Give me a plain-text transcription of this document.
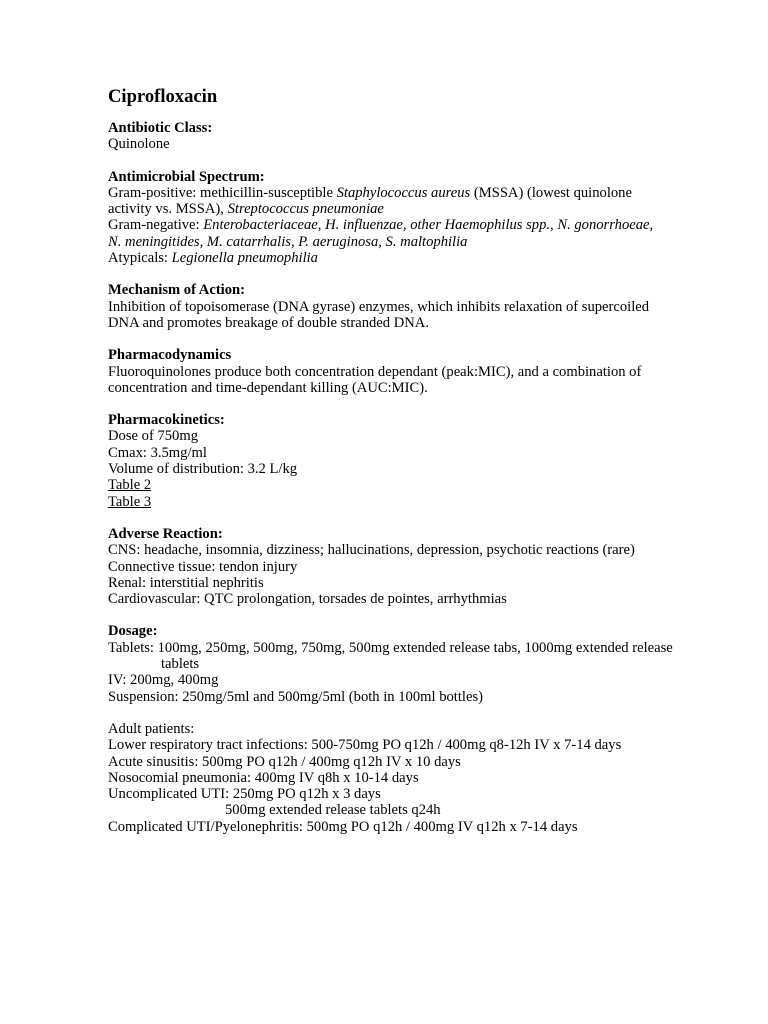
Ciprofloxacin
Antibiotic Class:
Quinolone
Antimicrobial Spectrum:
Gram-positive: methicillin-susceptible Staphylococcus aureus (MSSA) (lowest quinolone activity vs. MSSA), Streptococcus pneumoniae
Gram-negative: Enterobacteriaceae, H. influenzae, other Haemophilus spp., N. gonorrhoeae, N. meningitides, M. catarrhalis, P. aeruginosa, S. maltophilia
Atypicals: Legionella pneumophilia
Mechanism of Action:
Inhibition of topoisomerase (DNA gyrase) enzymes, which inhibits relaxation of supercoiled DNA and promotes breakage of double stranded DNA.
Pharmacodynamics
Fluoroquinolones produce both concentration dependant (peak:MIC), and a combination of concentration and time-dependant killing (AUC:MIC).
Pharmacokinetics:
Dose of 750mg
Cmax: 3.5mg/ml
Volume of distribution: 3.2 L/kg
Table 2
Table 3
Adverse Reaction:
CNS: headache, insomnia, dizziness; hallucinations, depression, psychotic reactions (rare)
Connective tissue: tendon injury
Renal: interstitial nephritis
Cardiovascular: QTC prolongation, torsades de pointes, arrhythmias
Dosage:
Tablets: 100mg, 250mg, 500mg, 750mg, 500mg extended release tabs, 1000mg extended release
tablets
IV: 200mg, 400mg
Suspension: 250mg/5ml and 500mg/5ml (both in 100ml bottles)
Adult patients:
Lower respiratory tract infections: 500-750mg PO q12h / 400mg q8-12h IV x 7-14 days
Acute sinusitis: 500mg PO q12h / 400mg q12h IV x 10 days
Nosocomial pneumonia: 400mg IV q8h x 10-14 days
Uncomplicated UTI: 250mg PO q12h x 3 days
500mg extended release tablets q24h
Complicated UTI/Pyelonephritis: 500mg PO q12h / 400mg IV q12h x 7-14 days
